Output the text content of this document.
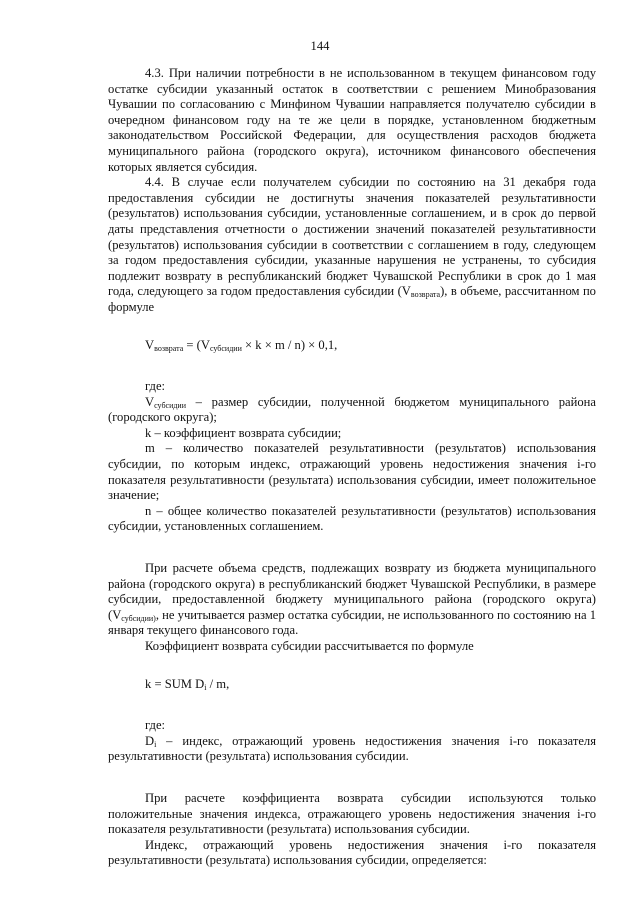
144

4.3. При наличии потребности в не использованном в текущем финансовом году остатке субсидии указанный остаток в соответствии с решением Минобразования Чувашии по согласованию с Минфином Чувашии направляется получателю субсидии в очередном финансовом году на те же цели в порядке, установленном бюджетным законодательством Российской Федерации, для осуществления расходов бюджета муниципального района (городского округа), источником финансового обеспечения которых является субсидия.

4.4. В случае если получателем субсидии по состоянию на 31 декабря года предоставления субсидии не достигнуты значения показателей результативности (результатов) использования субсидии, установленные соглашением, и в срок до первой даты представления отчетности о достижении значений показателей результативности (результатов) использования субсидии в соответствии с соглашением в году, следующем за годом предоставления субсидии, указанные нарушения не устранены, то субсидия подлежит возврату в республиканский бюджет Чувашской Республики в срок до 1 мая года, следующего за годом предоставления субсидии $(V_{возврата})$, в объеме, рассчитанном по формуле

$V_{возврата} = (V_{субсидии} \times k \times m / n) \times 0,1$,

где:

$V_{субсидии}$ – размер субсидии, полученной бюджетом муниципального района (городского округа);

k – коэффициент возврата субсидии;

m – количество показателей результативности (результатов) использования субсидии, по которым индекс, отражающий уровень недостижения значения i-го показателя результативности (результата) использования субсидии, имеет положительное значение;

n – общее количество показателей результативности (результатов) использования субсидии, установленных соглашением.

При расчете объема средств, подлежащих возврату из бюджета муниципального района (городского округа) в республиканский бюджет Чувашской Республики, в размере субсидии, предоставленной бюджету муниципального района (городского округа) ($V_{субсидии)}$, не учитывается размер остатка субсидии, не использованного по состоянию на 1 января текущего финансового года.

Коэффициент возврата субсидии рассчитывается по формуле

k = SUM $D_i$ / m,

где:

$D_i$ – индекс, отражающий уровень недостижения значения i-го показателя результативности (результата) использования субсидии.

При расчете коэффициента возврата субсидии используются только положительные значения индекса, отражающего уровень недостижения значения i-го показателя результативности (результата) использования субсидии.

Индекс, отражающий уровень недостижения значения i-го показателя результативности (результата) использования субсидии, определяется:
